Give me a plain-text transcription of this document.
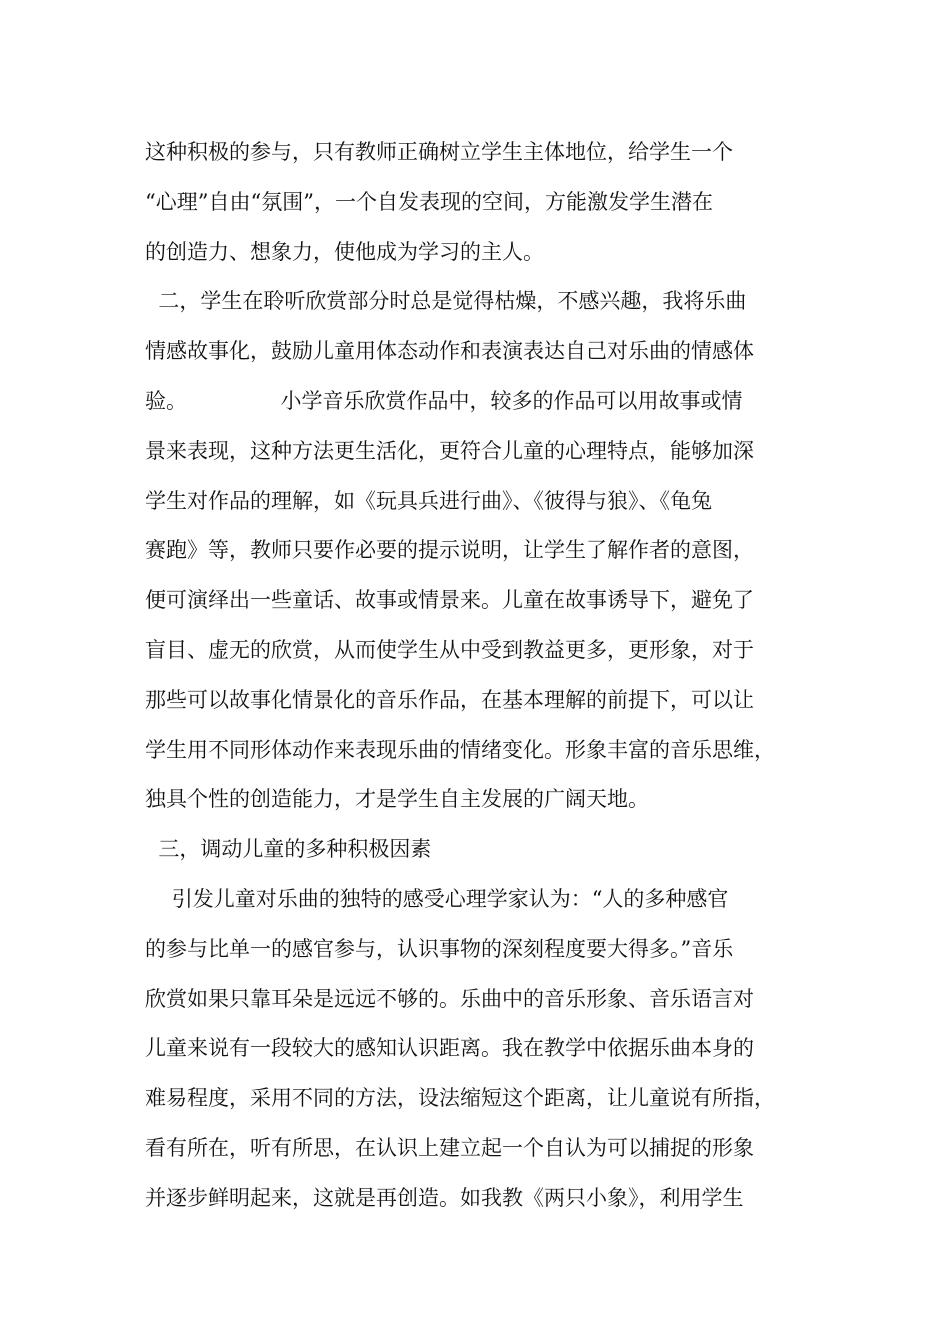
这种积极的参与，只有教师正确树立学生主体地位，给学生一个
“心理”自由“氛围”，一个自发表现的空间，方能激发学生潜在
的创造力、想象力，使他成为学习的主人。
二，学生在聆听欣赏部分时总是觉得枯燥，不感兴趣，我将乐曲
情感故事化，鼓励儿童用体态动作和表演表达自己对乐曲的情感体
验。              小学音乐欣赏作品中，较多的作品可以用故事或情
景来表现，这种方法更生活化，更符合儿童的心理特点，能够加深
学生对作品的理解，如《玩具兵进行曲》、《彼得与狼》、《龟兔
赛跑》等，教师只要作必要的提示说明，让学生了解作者的意图，
便可演绎出一些童话、故事或情景来。儿童在故事诱导下，避免了
盲目、虚无的欣赏，从而使学生从中受到教益更多，更形象，对于
那些可以故事化情景化的音乐作品，在基本理解的前提下，可以让
学生用不同形体动作来表现乐曲的情绪变化。形象丰富的音乐思维，
独具个性的创造能力，才是学生自主发展的广阔天地。
三，调动儿童的多种积极因素
引发儿童对乐曲的独特的感受心理学家认为：“人的多种感官
的参与比单一的感官参与，认识事物的深刻程度要大得多。”音乐
欣赏如果只靠耳朵是远远不够的。乐曲中的音乐形象、音乐语言对
儿童来说有一段较大的感知认识距离。我在教学中依据乐曲本身的
难易程度，采用不同的方法，设法缩短这个距离，让儿童说有所指，
看有所在，听有所思，在认识上建立起一个自认为可以捕捉的形象
并逐步鲜明起来，这就是再创造。如我教《两只小象》，利用学生
